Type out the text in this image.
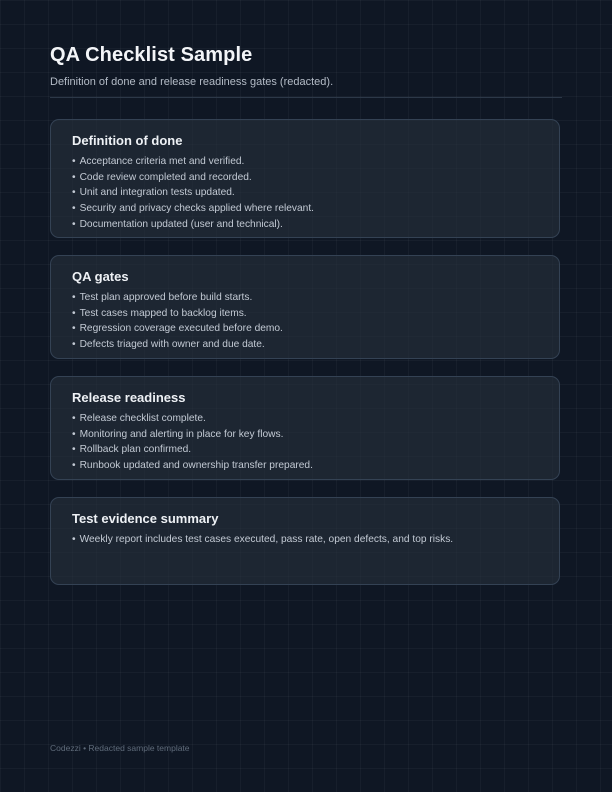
QA Checklist Sample

Definition of done and release readiness gates (redacted).

Definition of done
• Acceptance criteria met and verified.
• Code review completed and recorded.
• Unit and integration tests updated.
• Security and privacy checks applied where relevant.
• Documentation updated (user and technical).
QA gates
• Test plan approved before build starts.
• Test cases mapped to backlog items.
• Regression coverage executed before demo.
• Defects triaged with owner and due date.
Release readiness
• Release checklist complete.
• Monitoring and alerting in place for key flows.
• Rollback plan confirmed.
• Runbook updated and ownership transfer prepared.
Test evidence summary
• Weekly report includes test cases executed, pass rate, open defects, and top risks.

Codezzi • Redacted sample template
